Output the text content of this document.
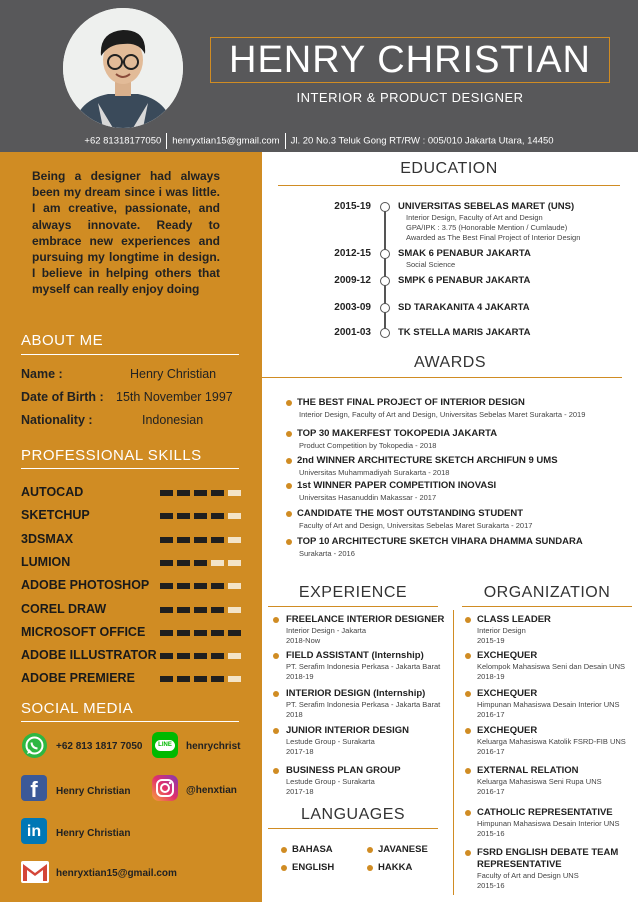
HENRY CHRISTIAN
INTERIOR & PRODUCT DESIGNER
+62 81318177050 henryxtian15@gmail.com Jl. 20 No.3 Teluk Gong RT/RW : 005/010 Jakarta Utara, 14450
Being a designer had always been my dream since i was little. I am creative, passionate, and always innovate. Ready to embrace new experiences and pursuing my longtime in design. I believe in helping others that myself can really enjoy doing
ABOUT ME
Name :	Henry Christian
Date of Birth : 15th November 1997
Nationality :	Indonesian
PROFESSIONAL SKILLS
SOCIAL MEDIA
+62 813 1817 7050	LINE	henrychrist
f	Henry Christian	@henxtian
in	Henry Christian
henryxtian15@gmail.com
EDUCATION
AWARDS
EXPERIENCE	ORGANIZATION
LANGUAGES
AUTOCAD
SKETCHUP
3DSMAX
LUMION
ADOBE PHOTOSHOP
COREL DRAW
MICROSOFT OFFICE
ADOBE ILLUSTRATOR
ADOBE PREMIERE
2015-19	UNIVERSITAS SEBELAS MARET (UNS)
Interior Design, Faculty of Art and Design
GPA/IPK : 3.75 (Honorable Mention / Cumlaude)
Awarded as The Best Final Project of Interior Design
2012-15	SMAK 6 PENABUR JAKARTA
Social Science
2009-12	SMPK 6 PENABUR JAKARTA
2003-09	SD TARAKANITA 4 JAKARTA
2001-03	TK STELLA MARIS JAKARTA
THE BEST FINAL PROJECT OF INTERIOR DESIGN
Interior Design, Faculty of Art and Design, Universitas Sebelas Maret Surakarta - 2019
TOP 30 MAKERFEST TOKOPEDIA JAKARTA
Product Competition by Tokopedia - 2018
2nd WINNER ARCHITECTURE SKETCH ARCHIFUN 9 UMS
Universitas Muhammadiyah Surakarta - 2018
1st WINNER PAPER COMPETITION INOVASI
Universitas Hasanuddin Makassar - 2017
CANDIDATE THE MOST OUTSTANDING STUDENT
Faculty of Art and Design, Universitas Sebelas Maret Surakarta - 2017
TOP 10 ARCHITECTURE SKETCH VIHARA DHAMMA SUNDARA
Surakarta - 2016
FREELANCE INTERIOR DESIGNER
Interior Design - Jakarta
2018-Now
FIELD ASSISTANT (Internship)
PT. Serafim Indonesia Perkasa - Jakarta Barat
2018-19
INTERIOR DESIGN (Internship)
PT. Serafim Indonesia Perkasa - Jakarta Barat
2018
JUNIOR INTERIOR DESIGN
Lestude Group - Surakarta
2017-18
BUSINESS PLAN GROUP
Lestude Group - Surakarta
2017-18
CLASS LEADER
Interior Design
2015-19
EXCHEQUER
Kelompok Mahasiswa Seni dan Desain UNS
2018-19
EXCHEQUER
Himpunan Mahasiswa Desain Interior UNS
2016-17
EXCHEQUER
Keluarga Mahasiswa Katolik FSRD-FIB UNS
2016-17
EXTERNAL RELATION
Keluarga Mahasiswa Seni Rupa UNS
2016-17
CATHOLIC REPRESENTATIVE
Himpunan Mahasiswa Desain Interior UNS
2015-16
FSRD ENGLISH DEBATE TEAM
REPRESENTATIVE
Faculty of Art and Design UNS
2015-16
BAHASA	JAVANESE
ENGLISH	HAKKA
